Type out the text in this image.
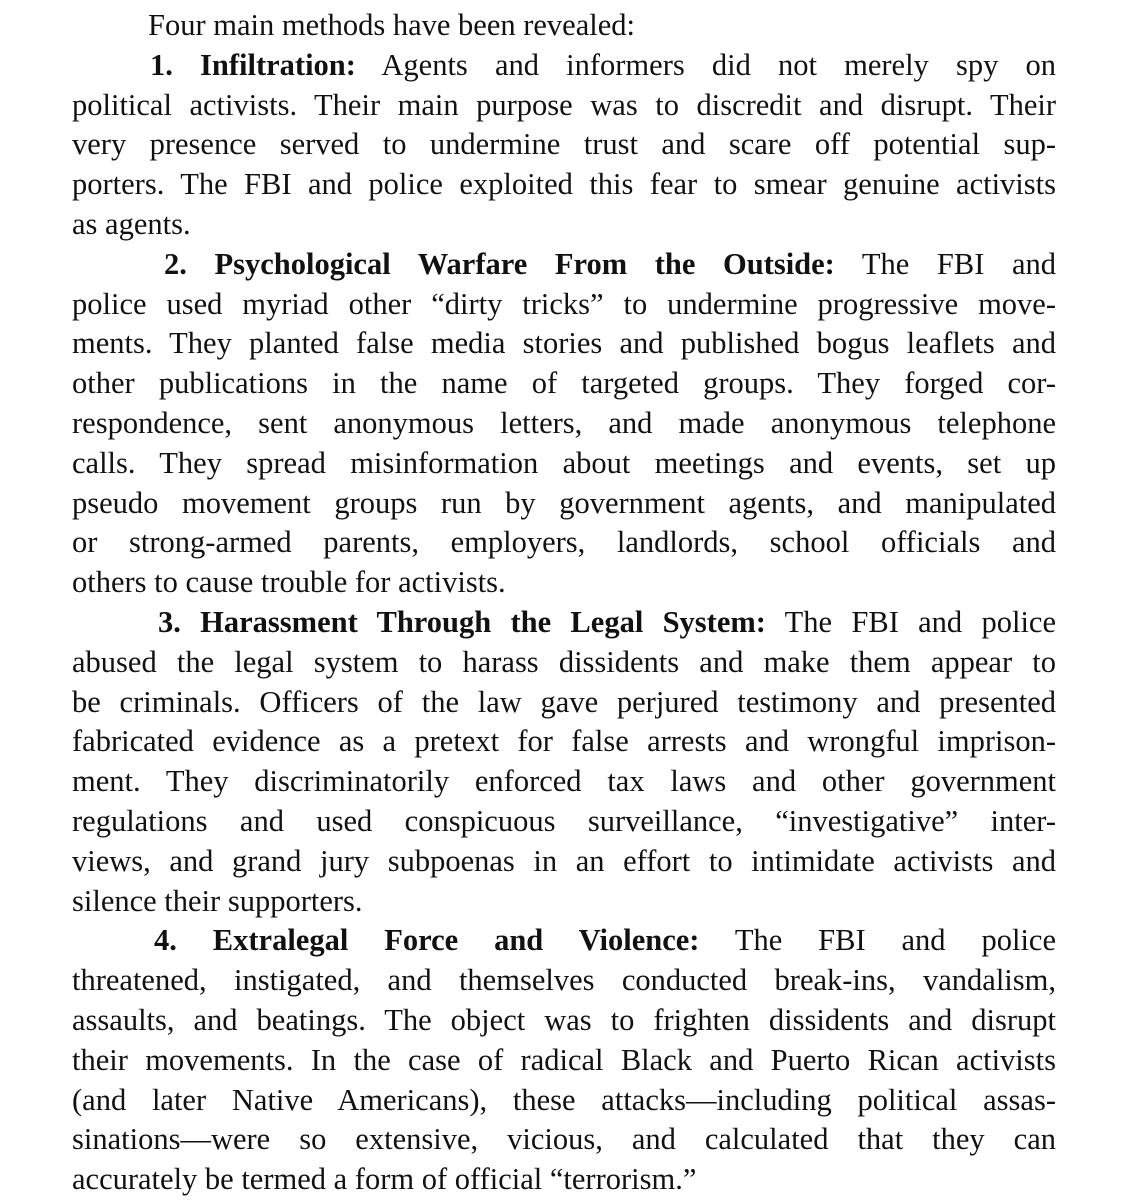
Four main methods have been revealed:
1. Infiltration: Agents and informers did not merely spy on
political activists. Their main purpose was to discredit and disrupt. Their
very presence served to undermine trust and scare off potential sup-
porters. The FBI and police exploited this fear to smear genuine activists
as agents.
2. Psychological Warfare From the Outside: The FBI and
police used myriad other “dirty tricks” to undermine progressive move-
ments. They planted false media stories and published bogus leaflets and
other publications in the name of targeted groups. They forged cor-
respondence, sent anonymous letters, and made anonymous telephone
calls. They spread misinformation about meetings and events, set up
pseudo movement groups run by government agents, and manipulated
or strong-armed parents, employers, landlords, school officials and
others to cause trouble for activists.
3. Harassment Through the Legal System: The FBI and police
abused the legal system to harass dissidents and make them appear to
be criminals. Officers of the law gave perjured testimony and presented
fabricated evidence as a pretext for false arrests and wrongful imprison-
ment. They discriminatorily enforced tax laws and other government
regulations and used conspicuous surveillance, “investigative” inter-
views, and grand jury subpoenas in an effort to intimidate activists and
silence their supporters.
4. Extralegal Force and Violence: The FBI and police
threatened, instigated, and themselves conducted break-ins, vandalism,
assaults, and beatings. The object was to frighten dissidents and disrupt
their movements. In the case of radical Black and Puerto Rican activists
(and later Native Americans), these attacks—including political assas-
sinations—were so extensive, vicious, and calculated that they can
accurately be termed a form of official “terrorism.”
